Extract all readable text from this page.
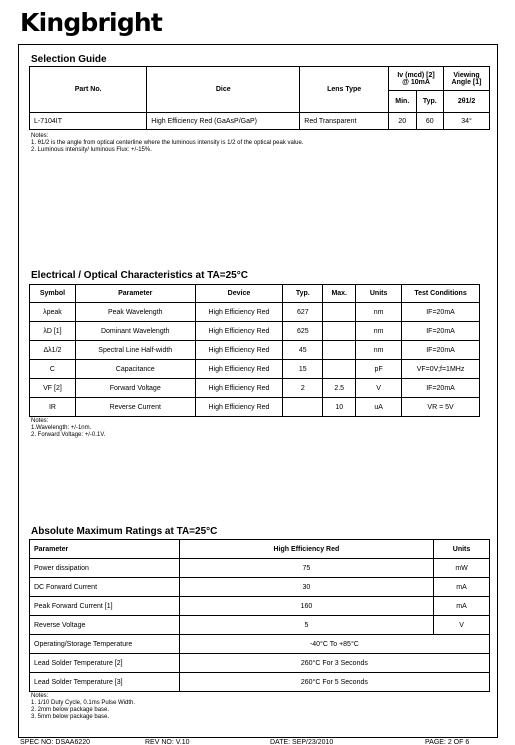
Kingbright
Selection Guide
Part No.	Dice	Lens Type	Iv (mcd) [2]
@ 10mA		Viewing Angle [1]
			Min.	Typ.	2θ1/2
L-7104IT	High Efficiency Red (GaAsP/GaP)	Red Transparent	20	60	34°
Notes:
1. θ1/2 is the angle from optical centerline where the luminous intensity is 1/2 of the optical peak value.
2. Luminous intensity/ luminous Flux: +/-15%.
Electrical / Optical Characteristics at TA=25°C
Symbol	Parameter	Device	Typ.	Max.	Units	Test Conditions
λpeak	Peak Wavelength	High Efficiency Red	627		nm	IF=20mA
λD [1]	Dominant Wavelength	High Efficiency Red	625		nm	IF=20mA
Δλ1/2	Spectral Line Half-width	High Efficiency Red	45		nm	IF=20mA
C	Capacitance	High Efficiency Red	15		pF	VF=0V;f=1MHz
VF [2]	Forward Voltage	High Efficiency Red	2	2.5	V	IF=20mA
IR	Reverse Current	High Efficiency Red		10	uA	VR = 5V
Notes:
1.Wavelength: +/-1nm.
2. Forward Voltage: +/-0.1V.
Absolute Maximum Ratings at TA=25°C
Parameter	High Efficiency Red	Units
Power dissipation	75	mW
DC Forward Current	30	mA
Peak Forward Current [1]	160	mA
Reverse Voltage	5	V
Operating/Storage Temperature	-40°C To +85°C	
Lead Solder Temperature [2]	260°C For 3 Seconds	
Lead Solder Temperature [3]	260°C For 5 Seconds	
Notes:
1. 1/10 Duty Cycle, 0.1ms Pulse Width.
2. 2mm below package base.
3. 5mm below package base.
SPEC NO: DSAA6220	REV NO: V.10	DATE: SEP/23/2010	PAGE: 2 OF 6
